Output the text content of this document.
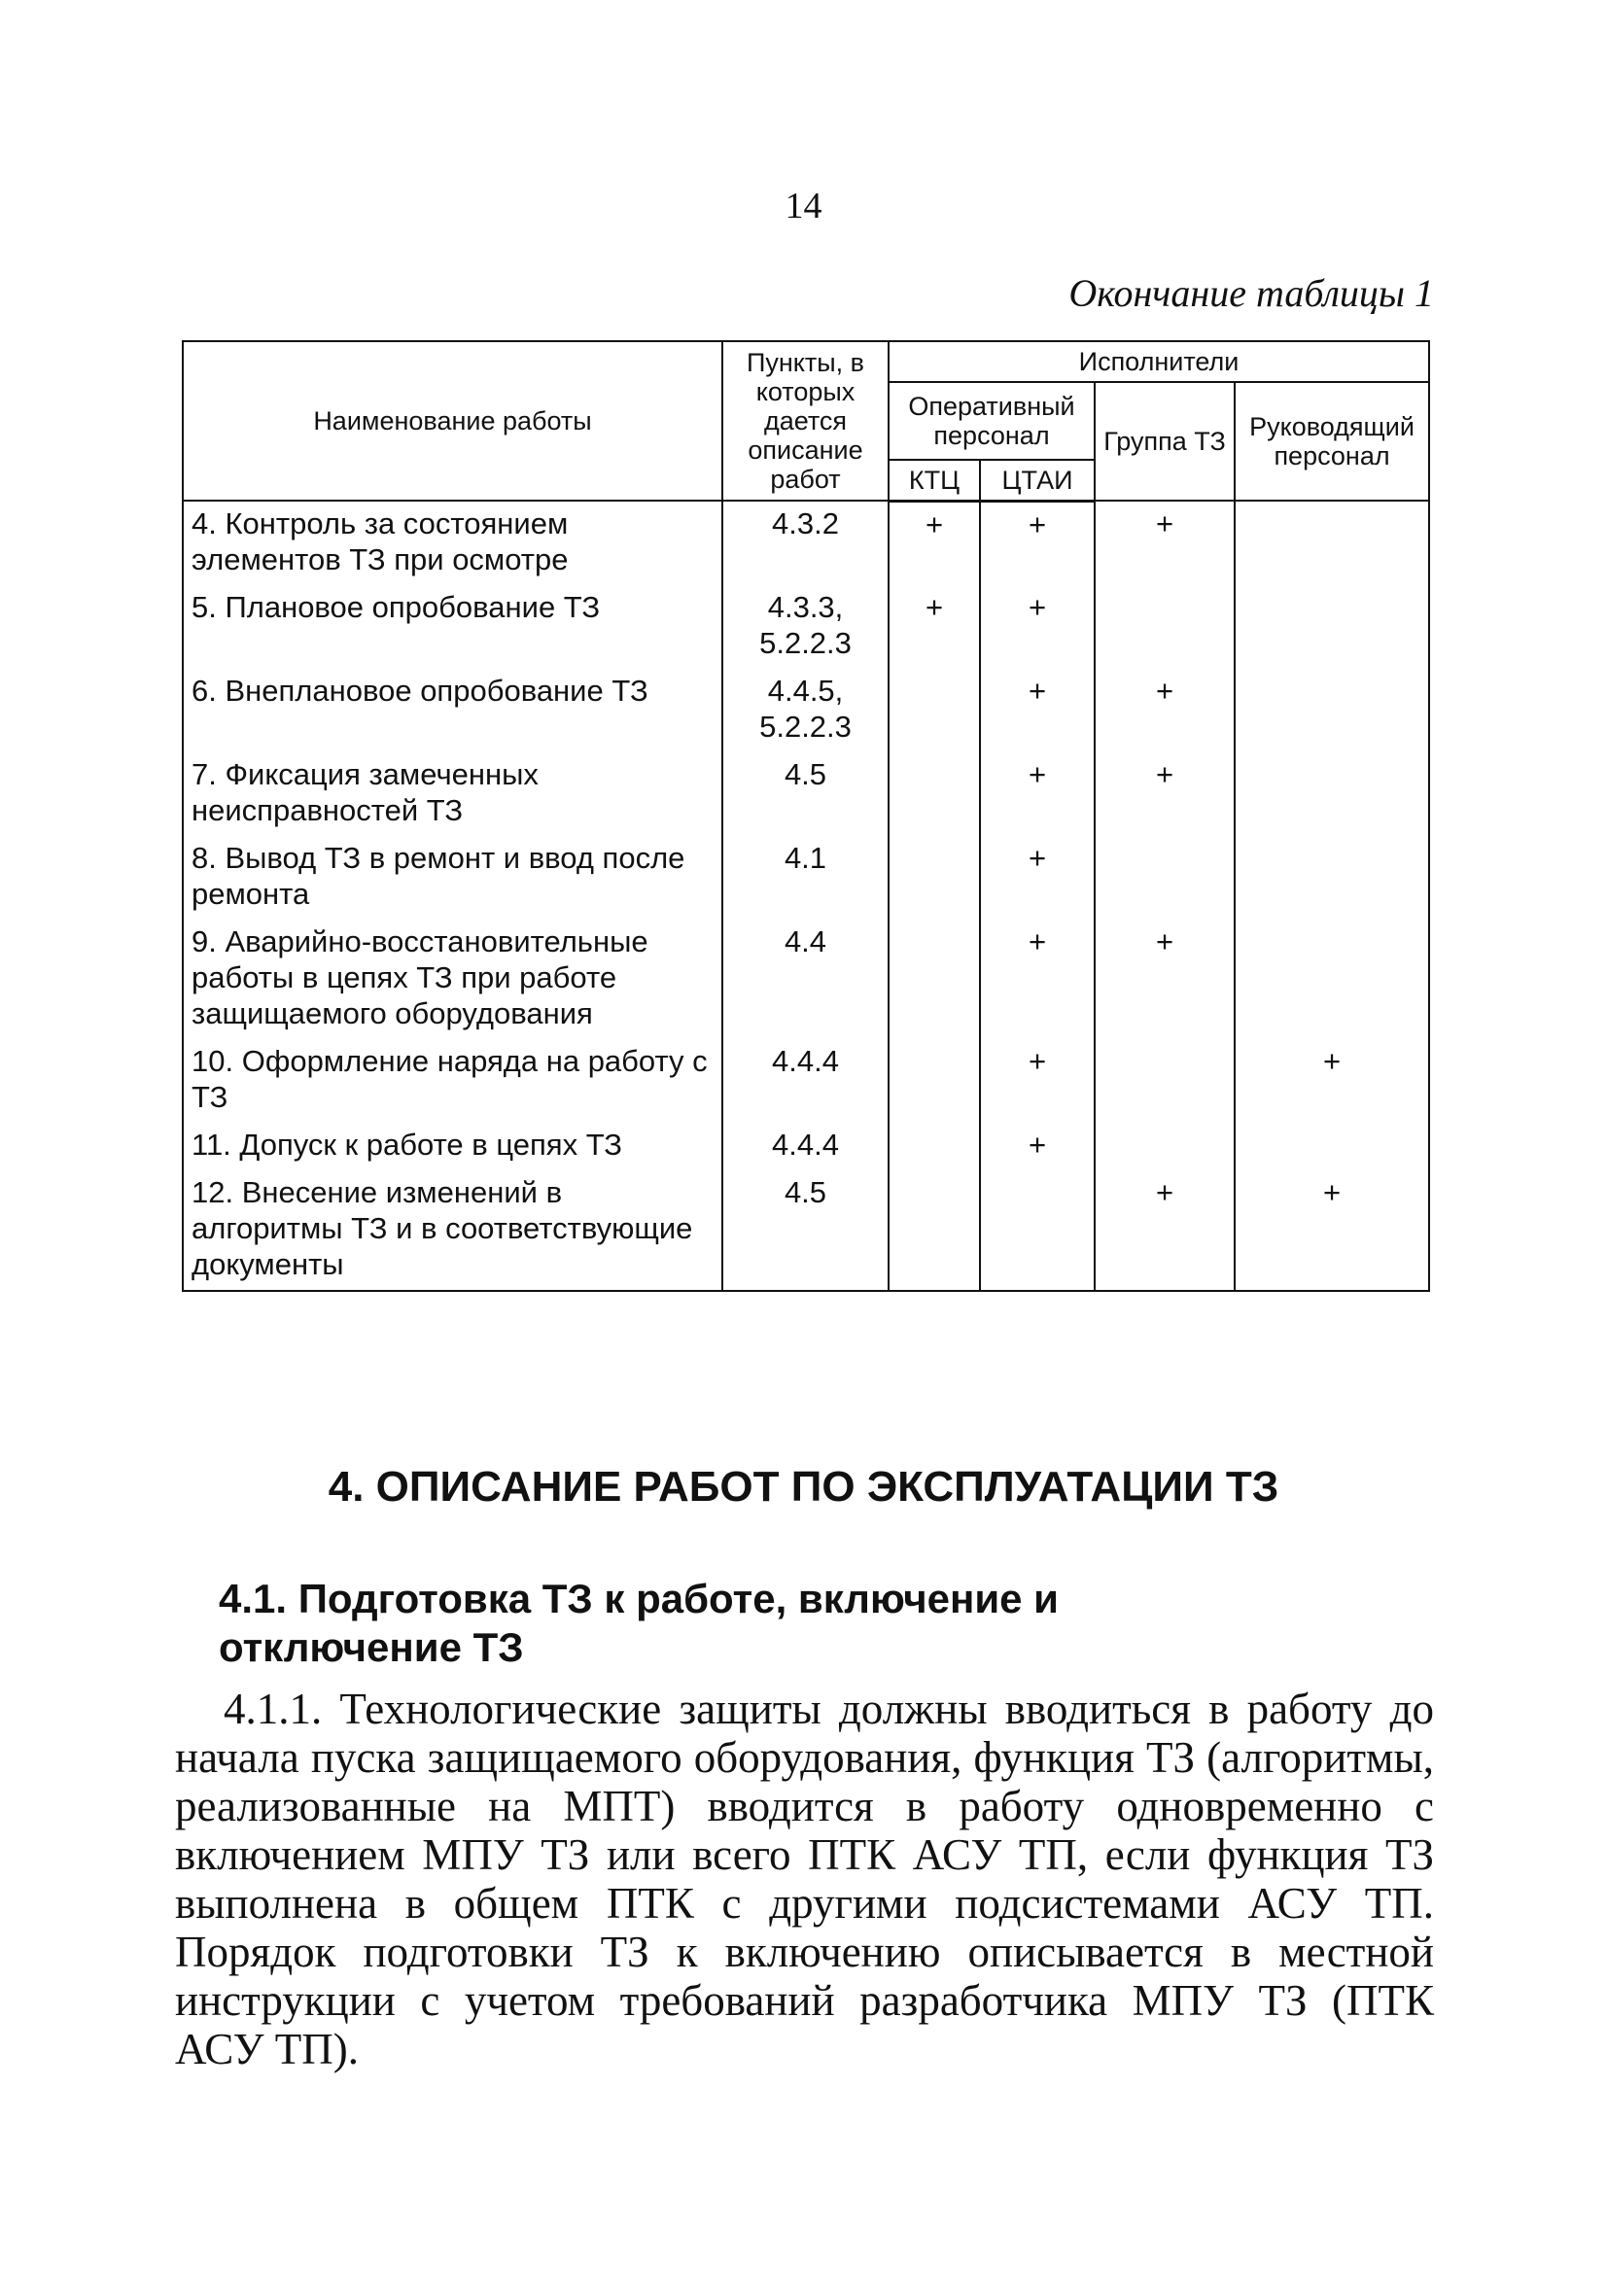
14
Окончание таблицы 1
Наименование работы	Пункты, в которых дается описание работ	Исполнители			
		Оперативный персонал		Группа ТЗ	Руководящий персонал
		КТЦ	ЦТАИ		
4. Контроль за состоянием элементов ТЗ при осмотре	4.3.2	+	+	+	
5. Плановое опробование ТЗ	4.3.3, 5.2.2.3	+	+		
6. Внеплановое опробование ТЗ	4.4.5, 5.2.2.3		+	+	
7. Фиксация замеченных неисправностей ТЗ	4.5		+	+	
8. Вывод ТЗ в ремонт и ввод после ремонта	4.1		+		
9. Аварийно-восстановительные работы в цепях ТЗ при работе защищаемого оборудования	4.4		+	+	
10. Оформление наряда на работу с ТЗ	4.4.4		+		+
11. Допуск к работе в цепях ТЗ	4.4.4		+		
12. Внесение изменений в алгоритмы ТЗ и в соответствующие документы	4.5			+	+
4. ОПИСАНИЕ РАБОТ ПО ЭКСПЛУАТАЦИИ ТЗ
4.1. Подготовка ТЗ к работе, включение и отключение ТЗ

4.1.1. Технологические защиты должны вводиться в работу до начала пуска защищаемого оборудования, функция ТЗ (алгоритмы, реализованные на МПТ) вводится в работу одновременно с включением МПУ ТЗ или всего ПТК АСУ ТП, если функция ТЗ выполнена в общем ПТК с другими подсистемами АСУ ТП. Порядок подготовки ТЗ к включению описывается в местной инструкции с учетом требований разработчика МПУ ТЗ (ПТК АСУ ТП).
